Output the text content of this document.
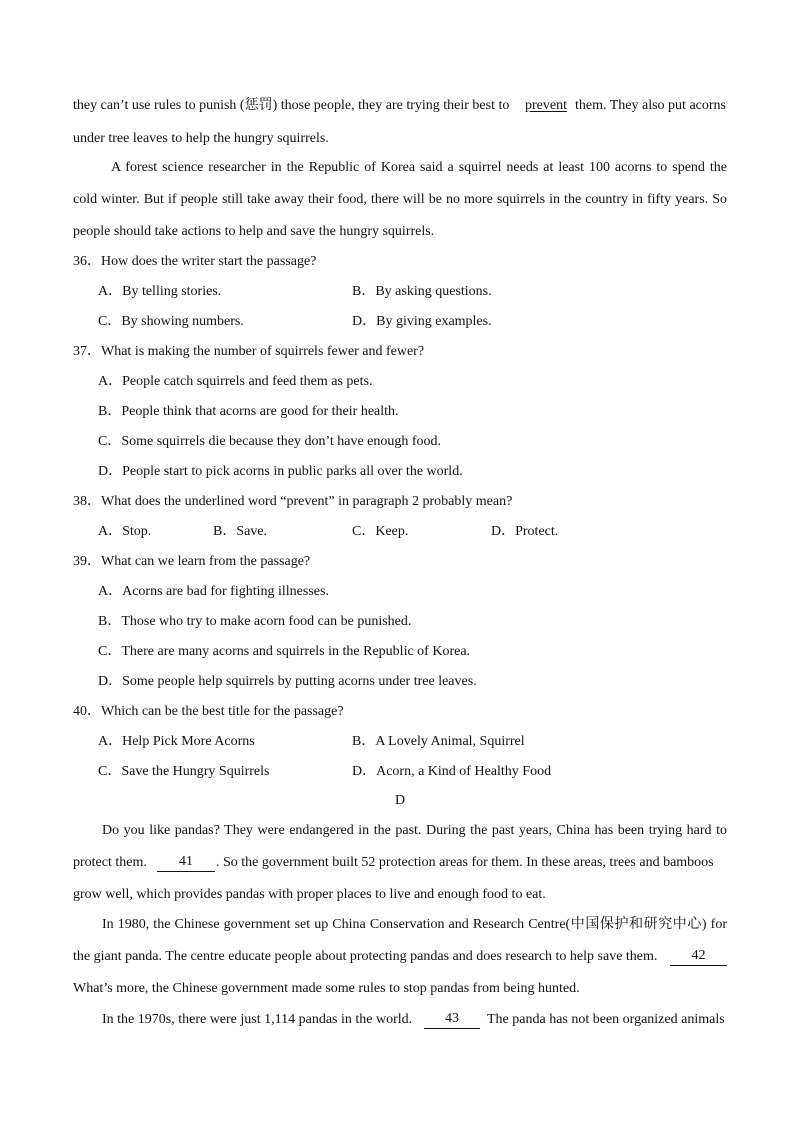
they can’t use rules to punish (惩罚) those people, they are trying their best to prevent them. They also put acorns
under tree leaves to help the hungry squirrels.
A forest science researcher in the Republic of Korea said a squirrel needs at least 100 acorns to spend the
cold winter. But if people still take away their food, there will be no more squirrels in the country in fifty years. So
people should take actions to help and save the hungry squirrels.
36．How does the writer start the passage?
A．By telling stories.	B．By asking questions.
C．By showing numbers.	D．By giving examples.
37．What is making the number of squirrels fewer and fewer?
A．People catch squirrels and feed them as pets.
B．People think that acorns are good for their health.
C．Some squirrels die because they don’t have enough food.
D．People start to pick acorns in public parks all over the world.
38．What does the underlined word “prevent” in paragraph 2 probably mean?
A．Stop.	B．Save.	C．Keep.	D．Protect.
39．What can we learn from the passage?
A．Acorns are bad for fighting illnesses.
B．Those who try to make acorn food can be punished.
C．There are many acorns and squirrels in the Republic of Korea.
D．Some people help squirrels by putting acorns under tree leaves.
40．Which can be the best title for the passage?
A．Help Pick More Acorns	B．A Lovely Animal, Squirrel
C．Save the Hungry Squirrels	D．Acorn, a Kind of Healthy Food
D
Do you like pandas? They were endangered in the past. During the past years, China has been trying hard to
protect them.	41	. So the government built 52 protection areas for them. In these areas, trees and bamboos
grow well, which provides pandas with proper places to live and enough food to eat.
In 1980, the Chinese government set up China Conservation and Research Centre(中国保护和研究中心) for
the giant panda. The centre educate people about protecting pandas and does research to help save them.	42
What’s more, the Chinese government made some rules to stop pandas from being hunted.
In the 1970s, there were just 1,114 pandas in the world.	43	The panda has not been organized animals
